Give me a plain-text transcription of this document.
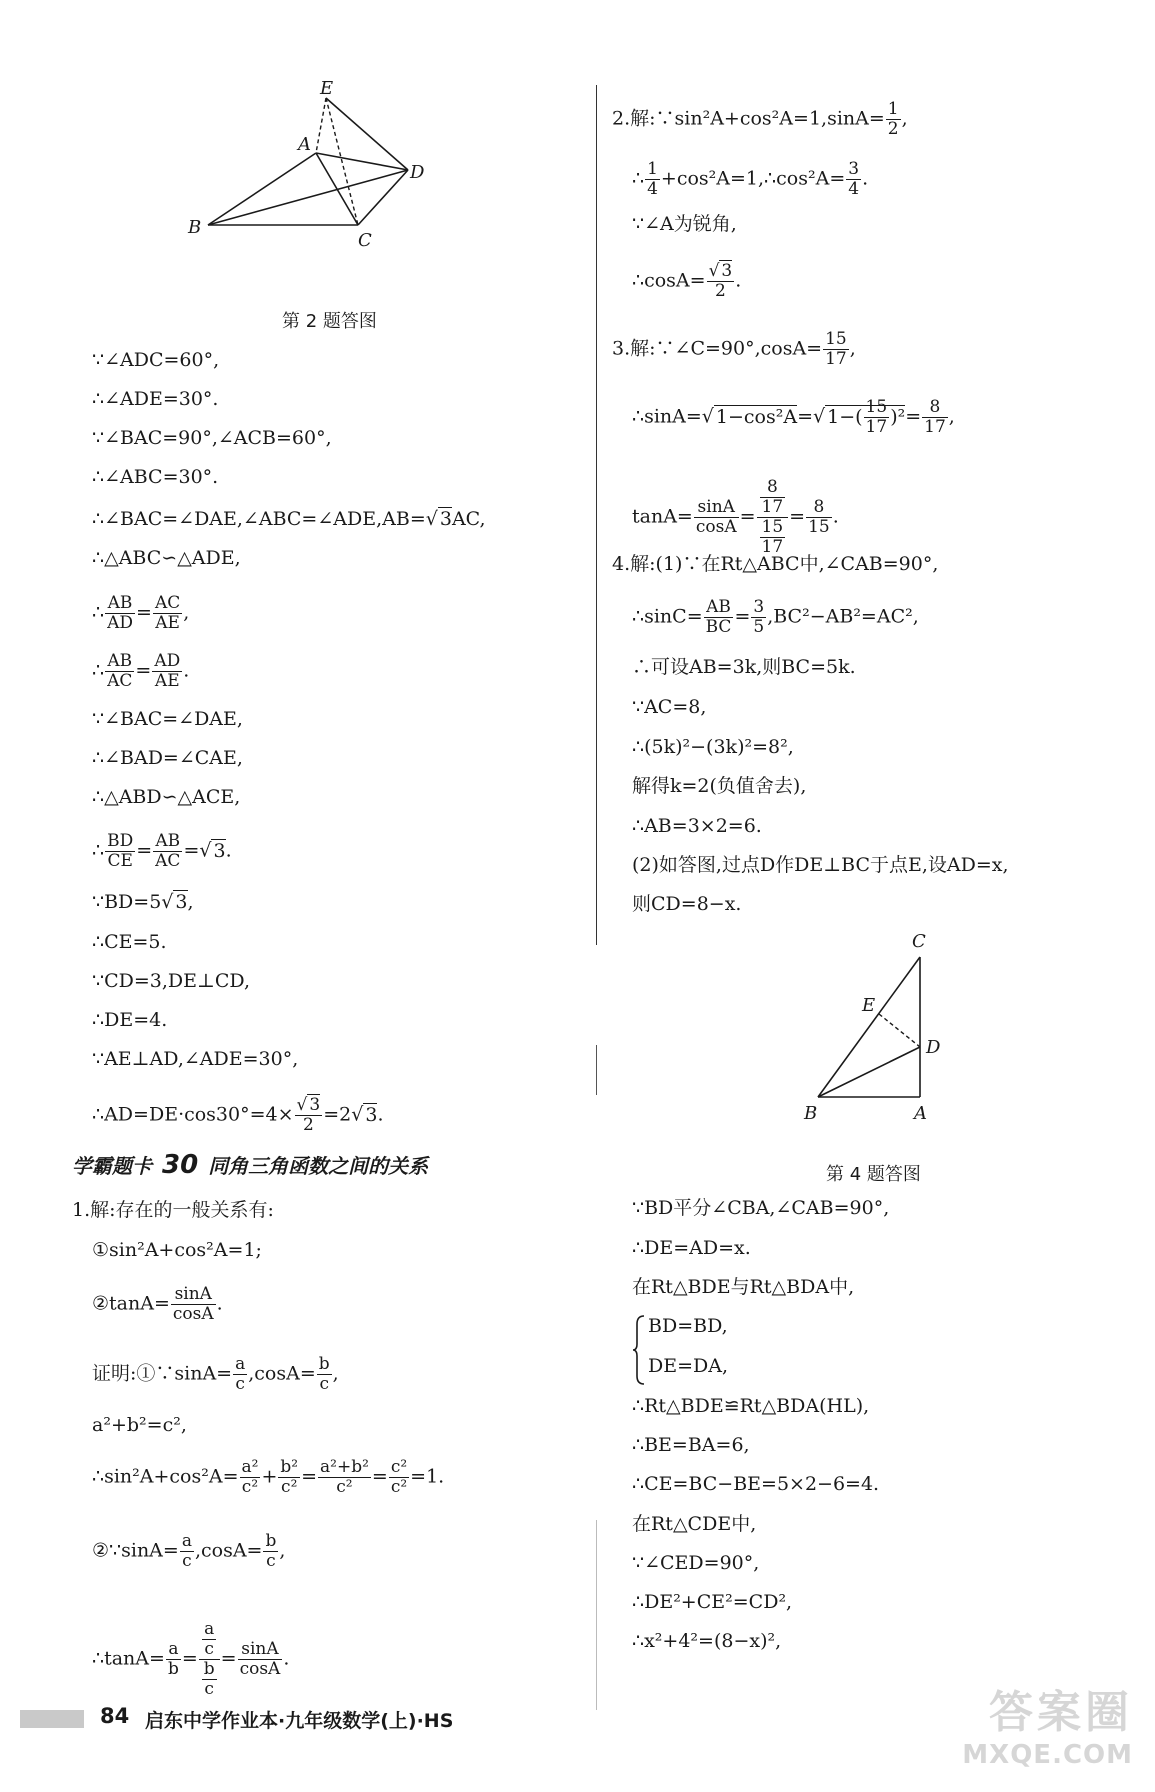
E
A
D
B
C
第 2 题答图
∵∠ADC=60°,
∴∠ADE=30°.
∵∠BAC=90°,∠ACB=60°,
∴∠ABC=30°.
∴∠BAC=∠DAE,∠ABC=∠ADE,AB=√ 3AC,
∴△ABC∽△ADE,
∴ $\frac{AB}{AD} = \frac{AC}{AE}$ ,
∴ $\frac{AB}{AC} = \frac{AD}{AE}$ .
∵∠BAC=∠DAE,
∴∠BAD=∠CAE,
∴△ABD∽△ACE,
∴ $\frac{BD}{CE} = \frac{AB}{AC}$ =√ 3.
∵BD=5√ 3,
∴CE=5.
∵CD=3,DE⊥CD,
∴DE=4.
∵AE⊥AD,∠ADE=30°,
∴AD=DE·cos30°=4× $\frac{√ 3}{2} =2√$ 3.
学霸题卡 30 同角三角函数之间的关系
1.解:存在的一般关系有:
①sin²A+cos²A=1;
②tanA= $\frac{\sin A}{\cos A}$ .
证明:①∵sinA= $\frac{a}{c} ,\cos A= \frac{b}{c}$ ,
a²+b²=c²,
∴sin²A+cos²A= $\frac{\text{a²}}{\text{c²}} + \frac{\text{b²}}{\text{c²}} = \frac{\text{a²+b²}}{\text{c²}} = \frac{\text{c²}}{\text{c²}} =1$.
②∵sinA= $\frac{a}{c} ,\cos A= \frac{b}{c}$ ,
∴tanA= $\frac{a}{b} = \frac{\frac{a}{c}}{\frac{b}{c}} = \frac{\sin A}{\cos A}$ .
2.解:∵sin²A+cos²A=1,sinA= $\frac{1}{2}$ ,
∴ $\frac{1}{4}$ +cos²A=1,∴cos²A= $\frac{3}{4}$ .
∵∠A为锐角,
∴cosA= $\frac{√ 3}{2}$ .
3.解:∵∠C=90°,cosA= $\frac{15}{17}$ ,
∴sinA=√ 1−cos²A=√ $1-( \frac{15}{17} )^2= \frac{8}{17}$ ,
$\tan A= \frac{\sin A}{\cos A} = \frac{\frac{8}{17}}{\frac{15}{17}} = \frac{8}{15}$ .
4.解:(1)∵在Rt△ABC中,∠CAB=90°,
∴sinC= $\frac{AB}{BC} = \frac{3}{5} ,BC^2-AB^2=AC^2$,
∴可设AB=3k,则BC=5k.
∵AC=8,
∴(5k)²−(3k)²=8²,
解得k=2(负值舍去),
∴AB=3×2=6.
(2)如答图,过点D作DE⊥BC于点E,设AD=x,
则CD=8−x.
C
E
D
B	A
第 4 题答图
∵BD平分∠CBA,∠CAB=90°,
∴DE=AD=x.
在Rt△BDE与Rt△BDA中,
BD=BD,
DE=DA,
∴Rt△BDE≌Rt△BDA(HL),
∴BE=BA=6,
∴CE=BC−BE=5×2−6=4.
在Rt△CDE中,
∵∠CED=90°,
∴DE²+CE²=CD²,
∴x²+4²=(8−x)²,
84 启东中学作业本·九年级数学(上)·HS	答案圈
MXQE.COM
